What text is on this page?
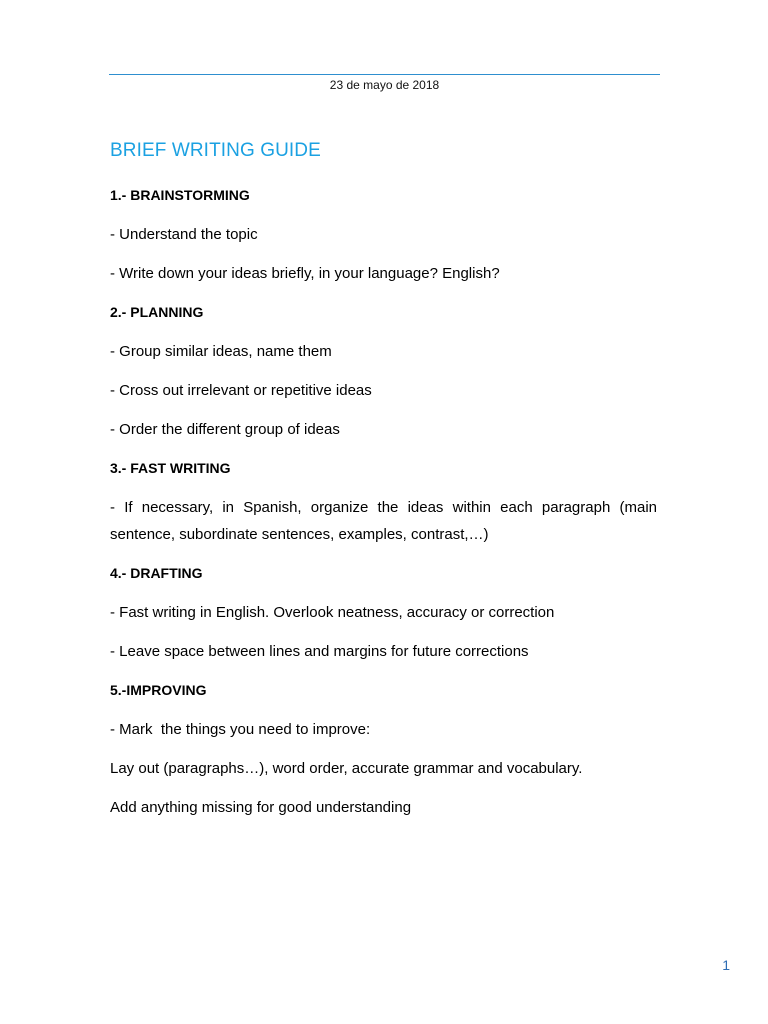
23 de mayo de 2018
BRIEF WRITING GUIDE
1.- BRAINSTORMING
- Understand the topic
- Write down your ideas briefly, in your language? English?
2.- PLANNING
- Group similar ideas, name them
- Cross out irrelevant or repetitive ideas
- Order the different group of ideas
3.- FAST WRITING
- If necessary, in Spanish, organize the ideas within each paragraph (main sentence, subordinate sentences, examples, contrast,…)
4.- DRAFTING
- Fast writing in English. Overlook neatness, accuracy or correction
- Leave space between lines and margins for future corrections
5.-IMPROVING
- Mark  the things you need to improve:
Lay out (paragraphs…), word order, accurate grammar and vocabulary.
Add anything missing for good understanding
1
